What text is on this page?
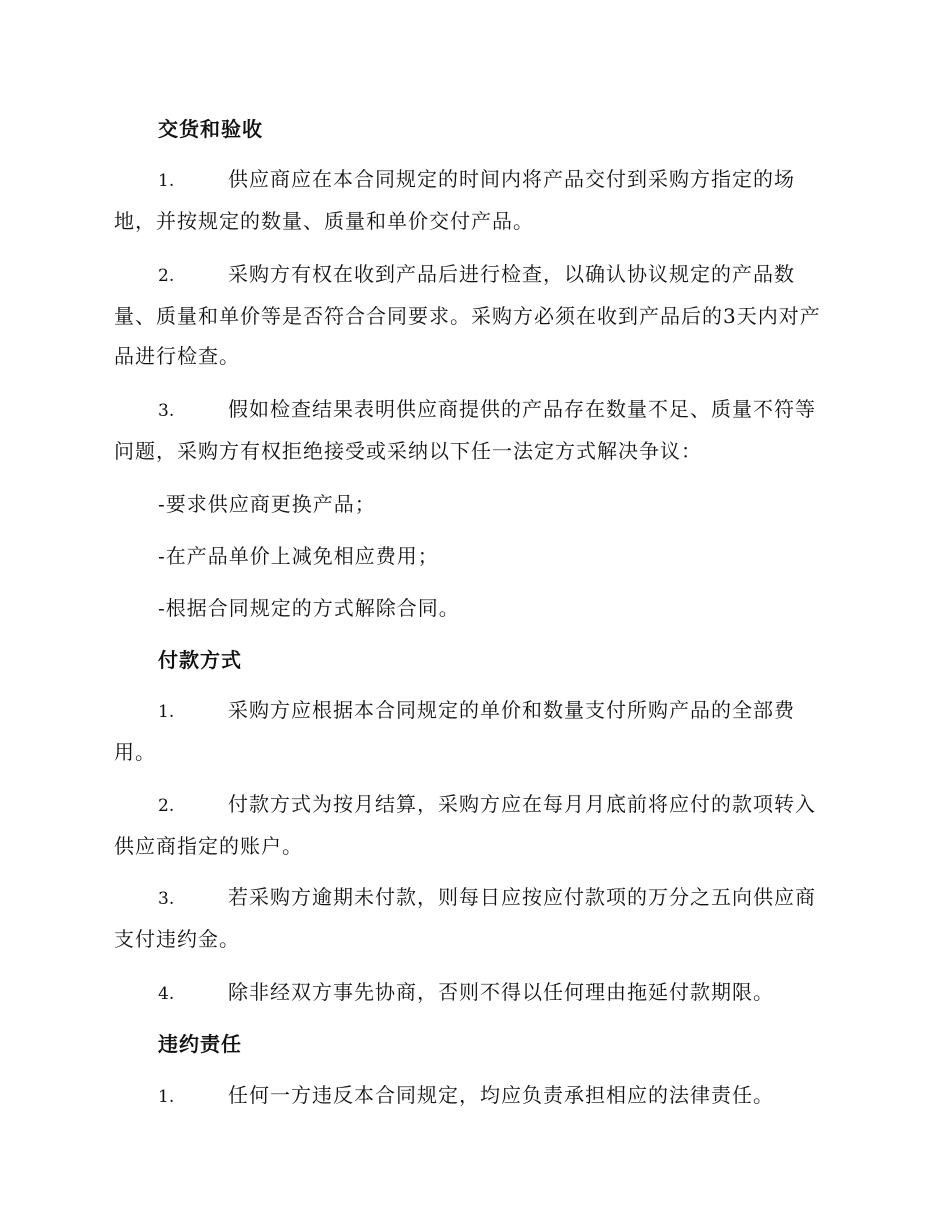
交货和验收
1.	供应商应在本合同规定的时间内将产品交付到采购方指定的场地，并按规定的数量、质量和单价交付产品。
2.	采购方有权在收到产品后进行检查，以确认协议规定的产品数量、质量和单价等是否符合合同要求。采购方必须在收到产品后的3天内对产品进行检查。
3.	假如检查结果表明供应商提供的产品存在数量不足、质量不符等问题，采购方有权拒绝接受或采纳以下任一法定方式解决争议：
-要求供应商更换产品；
-在产品单价上减免相应费用；
-根据合同规定的方式解除合同。
付款方式
1.	采购方应根据本合同规定的单价和数量支付所购产品的全部费用。
2.	付款方式为按月结算，采购方应在每月月底前将应付的款项转入供应商指定的账户。
3.	若采购方逾期未付款，则每日应按应付款项的万分之五向供应商支付违约金。
4.	除非经双方事先协商，否则不得以任何理由拖延付款期限。
违约责任
1.	任何一方违反本合同规定，均应负责承担相应的法律责任。
